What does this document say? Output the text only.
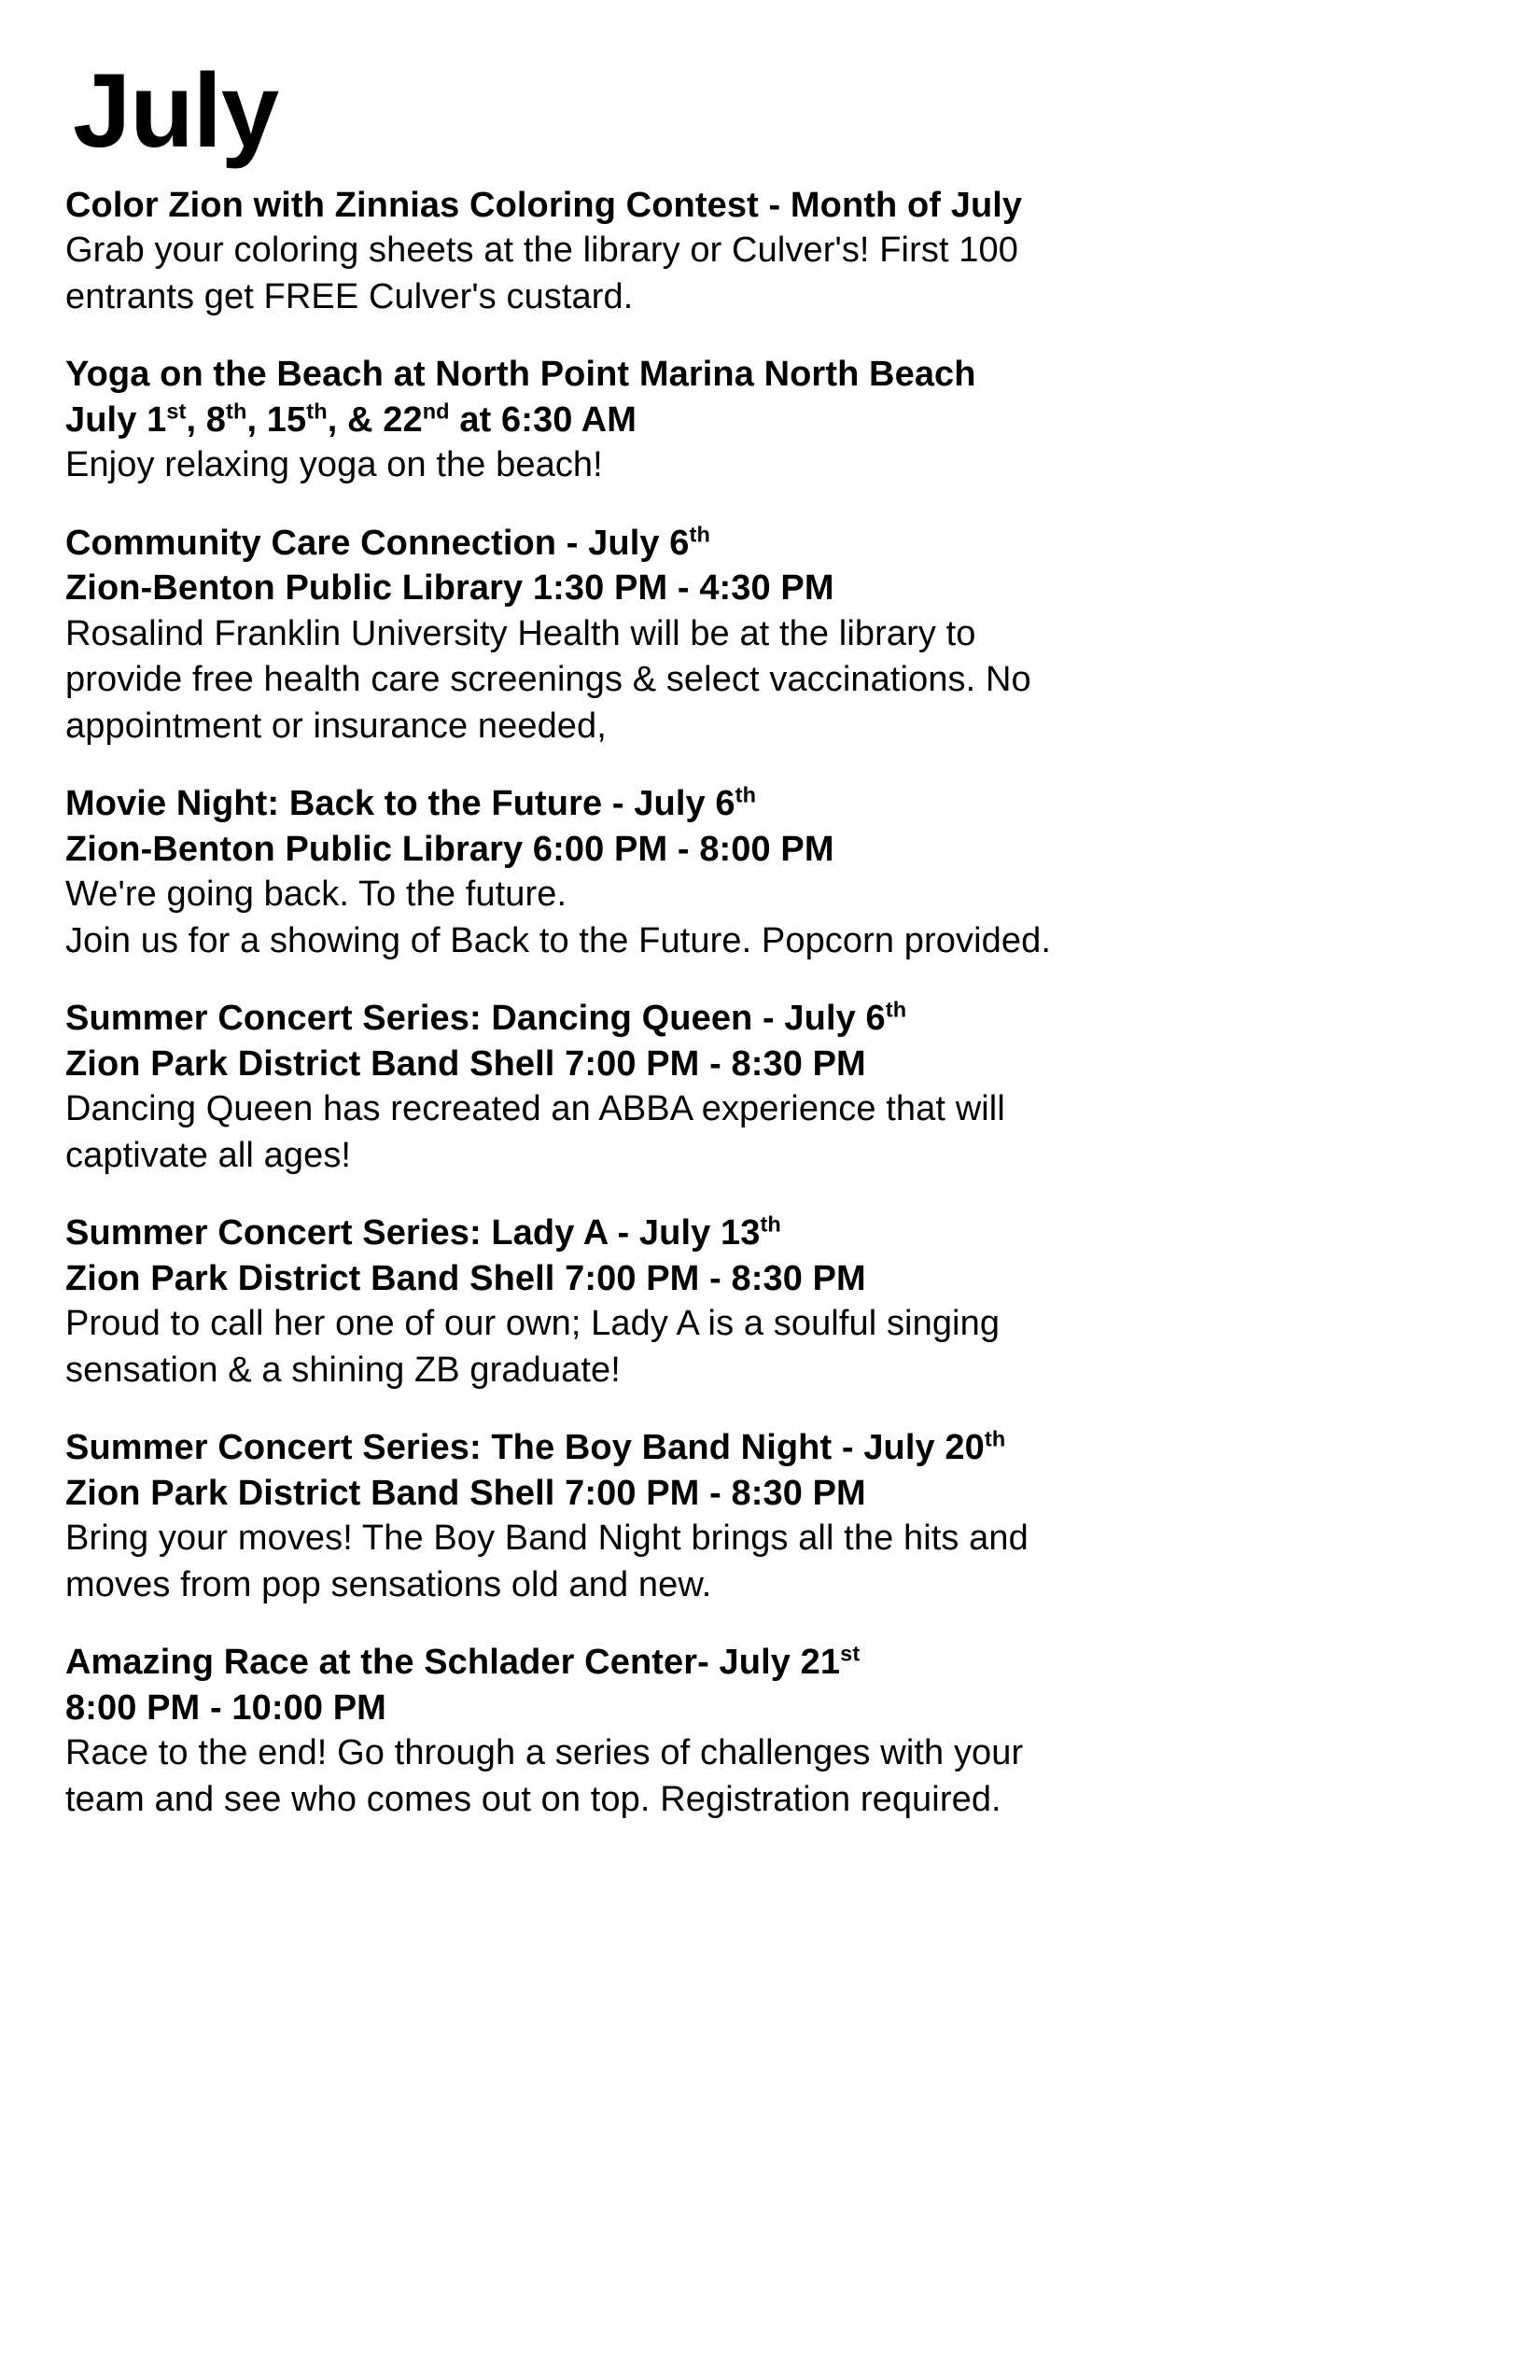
July
Color Zion with Zinnias Coloring Contest - Month of July
Grab your coloring sheets at the library or Culver's! First 100
entrants get FREE Culver's custard.
Yoga on the Beach at North Point Marina North Beach
July 1st, 8th, 15th, & 22nd at 6:30 AM
Enjoy relaxing yoga on the beach!
Community Care Connection - July 6th
Zion-Benton Public Library 1:30 PM - 4:30 PM
Rosalind Franklin University Health will be at the library to
provide free health care screenings & select vaccinations. No
appointment or insurance needed,
Movie Night: Back to the Future - July 6th
Zion-Benton Public Library 6:00 PM - 8:00 PM
We're going back. To the future.
Join us for a showing of Back to the Future. Popcorn provided.
Summer Concert Series: Dancing Queen - July 6th
Zion Park District Band Shell 7:00 PM - 8:30 PM
Dancing Queen has recreated an ABBA experience that will
captivate all ages!
Summer Concert Series: Lady A - July 13th
Zion Park District Band Shell 7:00 PM - 8:30 PM
Proud to call her one of our own; Lady A is a soulful singing
sensation & a shining ZB graduate!
Summer Concert Series: The Boy Band Night - July 20th
Zion Park District Band Shell 7:00 PM - 8:30 PM
Bring your moves! The Boy Band Night brings all the hits and
moves from pop sensations old and new.
Amazing Race at the Schlader Center- July 21st
8:00 PM - 10:00 PM
Race to the end! Go through a series of challenges with your
team and see who comes out on top. Registration required.
